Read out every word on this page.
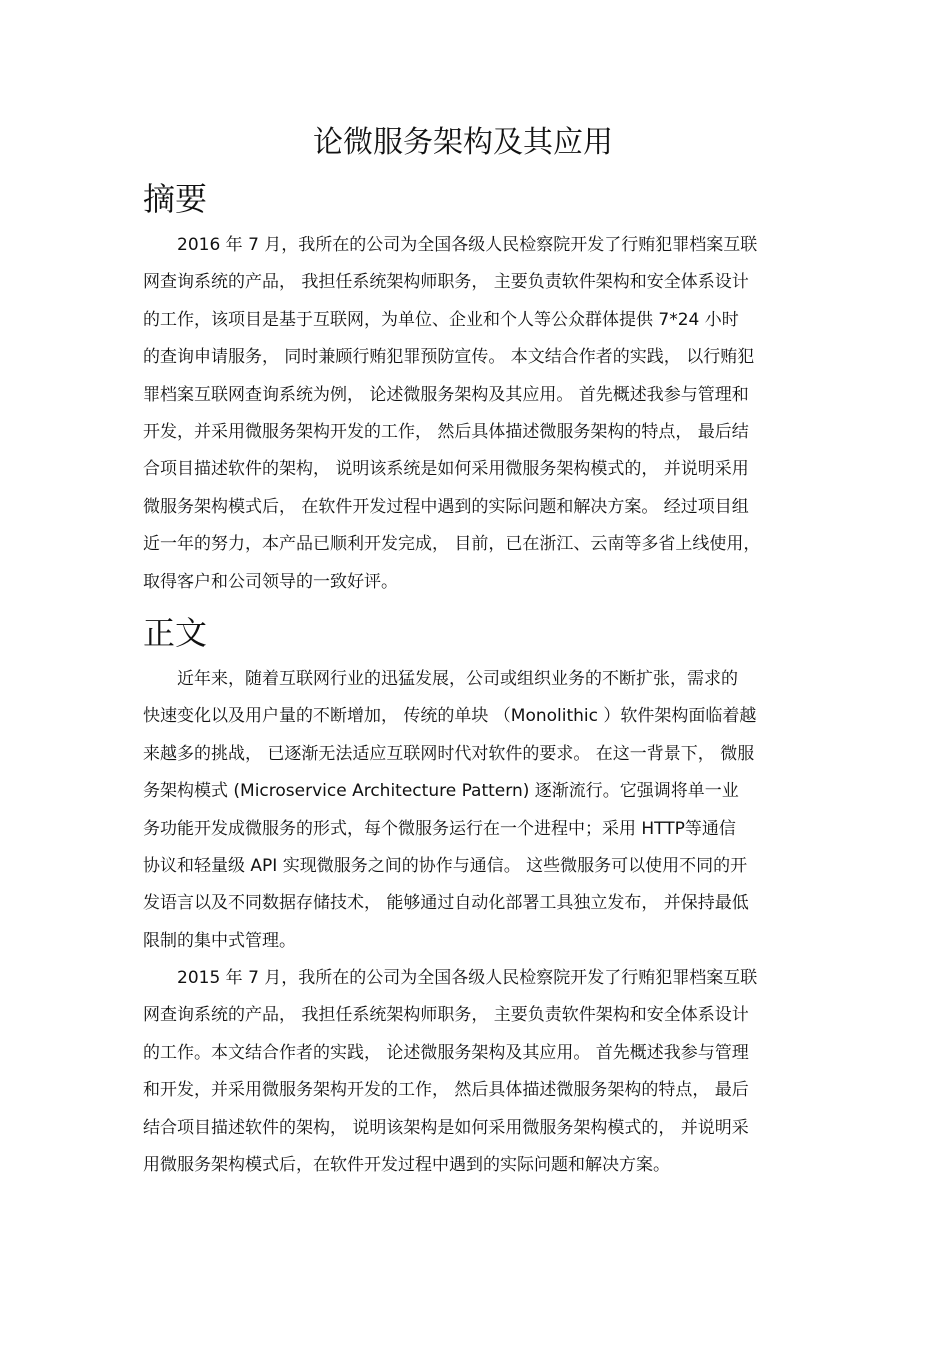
论微服务架构及其应用
摘要
2016 年 7 月，我所在的公司为全国各级人民检察院开发了行贿犯罪档案互联
网查询系统的产品， 我担任系统架构师职务， 主要负责软件架构和安全体系设计
的工作，该项目是基于互联网，为单位、企业和个人等公众群体提供 7*24 小时
的查询申请服务， 同时兼顾行贿犯罪预防宣传。 本文结合作者的实践， 以行贿犯
罪档案互联网查询系统为例， 论述微服务架构及其应用。 首先概述我参与管理和
开发，并采用微服务架构开发的工作， 然后具体描述微服务架构的特点， 最后结
合项目描述软件的架构， 说明该系统是如何采用微服务架构模式的， 并说明采用
微服务架构模式后， 在软件开发过程中遇到的实际问题和解决方案。 经过项目组
近一年的努力，本产品已顺利开发完成， 目前，已在浙江、云南等多省上线使用，
取得客户和公司领导的一致好评。
正文
近年来，随着互联网行业的迅猛发展，公司或组织业务的不断扩张，需求的
快速变化以及用户量的不断增加， 传统的单块 （Monolithic ）软件架构面临着越
来越多的挑战， 已逐渐无法适应互联网时代对软件的要求。 在这一背景下， 微服
务架构模式 (Microservice Architecture Pattern) 逐渐流行。它强调将单一业
务功能开发成微服务的形式，每个微服务运行在一个进程中；采用 HTTP等通信
协议和轻量级 API 实现微服务之间的协作与通信。 这些微服务可以使用不同的开
发语言以及不同数据存储技术， 能够通过自动化部署工具独立发布， 并保持最低
限制的集中式管理。
2015 年 7 月，我所在的公司为全国各级人民检察院开发了行贿犯罪档案互联
网查询系统的产品， 我担任系统架构师职务， 主要负责软件架构和安全体系设计
的工作。本文结合作者的实践， 论述微服务架构及其应用。 首先概述我参与管理
和开发，并采用微服务架构开发的工作， 然后具体描述微服务架构的特点， 最后
结合项目描述软件的架构， 说明该架构是如何采用微服务架构模式的， 并说明采
用微服务架构模式后，在软件开发过程中遇到的实际问题和解决方案。
